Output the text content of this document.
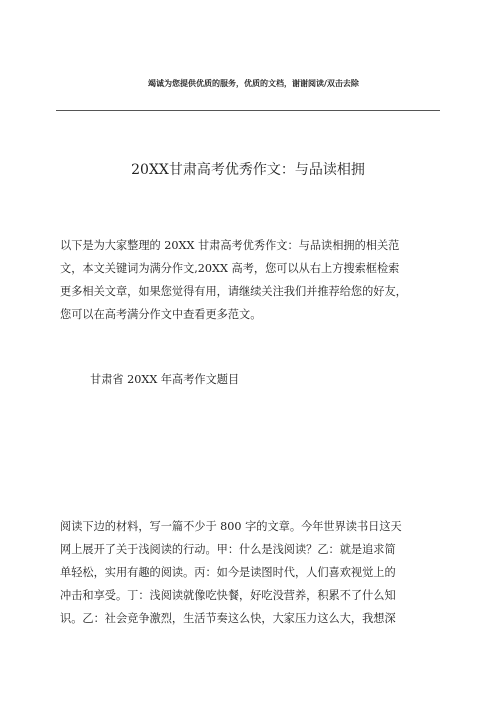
竭诚为您提供优质的服务，优质的文档，谢谢阅读/双击去除
20XX甘肃高考优秀作文：与品读相拥
以下是为大家整理的 20XX 甘肃高考优秀作文：与品读相拥的相关范
文，本文关键词为满分作文,20XX 高考，您可以从右上方搜索框检索
更多相关文章，如果您觉得有用，请继续关注我们并推荐给您的好友，
您可以在高考满分作文中查看更多范文。
甘肃省 20XX 年高考作文题目
阅读下边的材料，写一篇不少于 800 字的文章。今年世界读书日这天
网上展开了关于浅阅读的行动。甲：什么是浅阅读？乙：就是追求简
单轻松，实用有趣的阅读。丙：如今是读图时代，人们喜欢视觉上的
冲击和享受。丁：浅阅读就像吃快餐，好吃没营养，积累不了什么知
识。乙：社会竞争激烈，生活节奏这么快，大家压力这么大，我想深
